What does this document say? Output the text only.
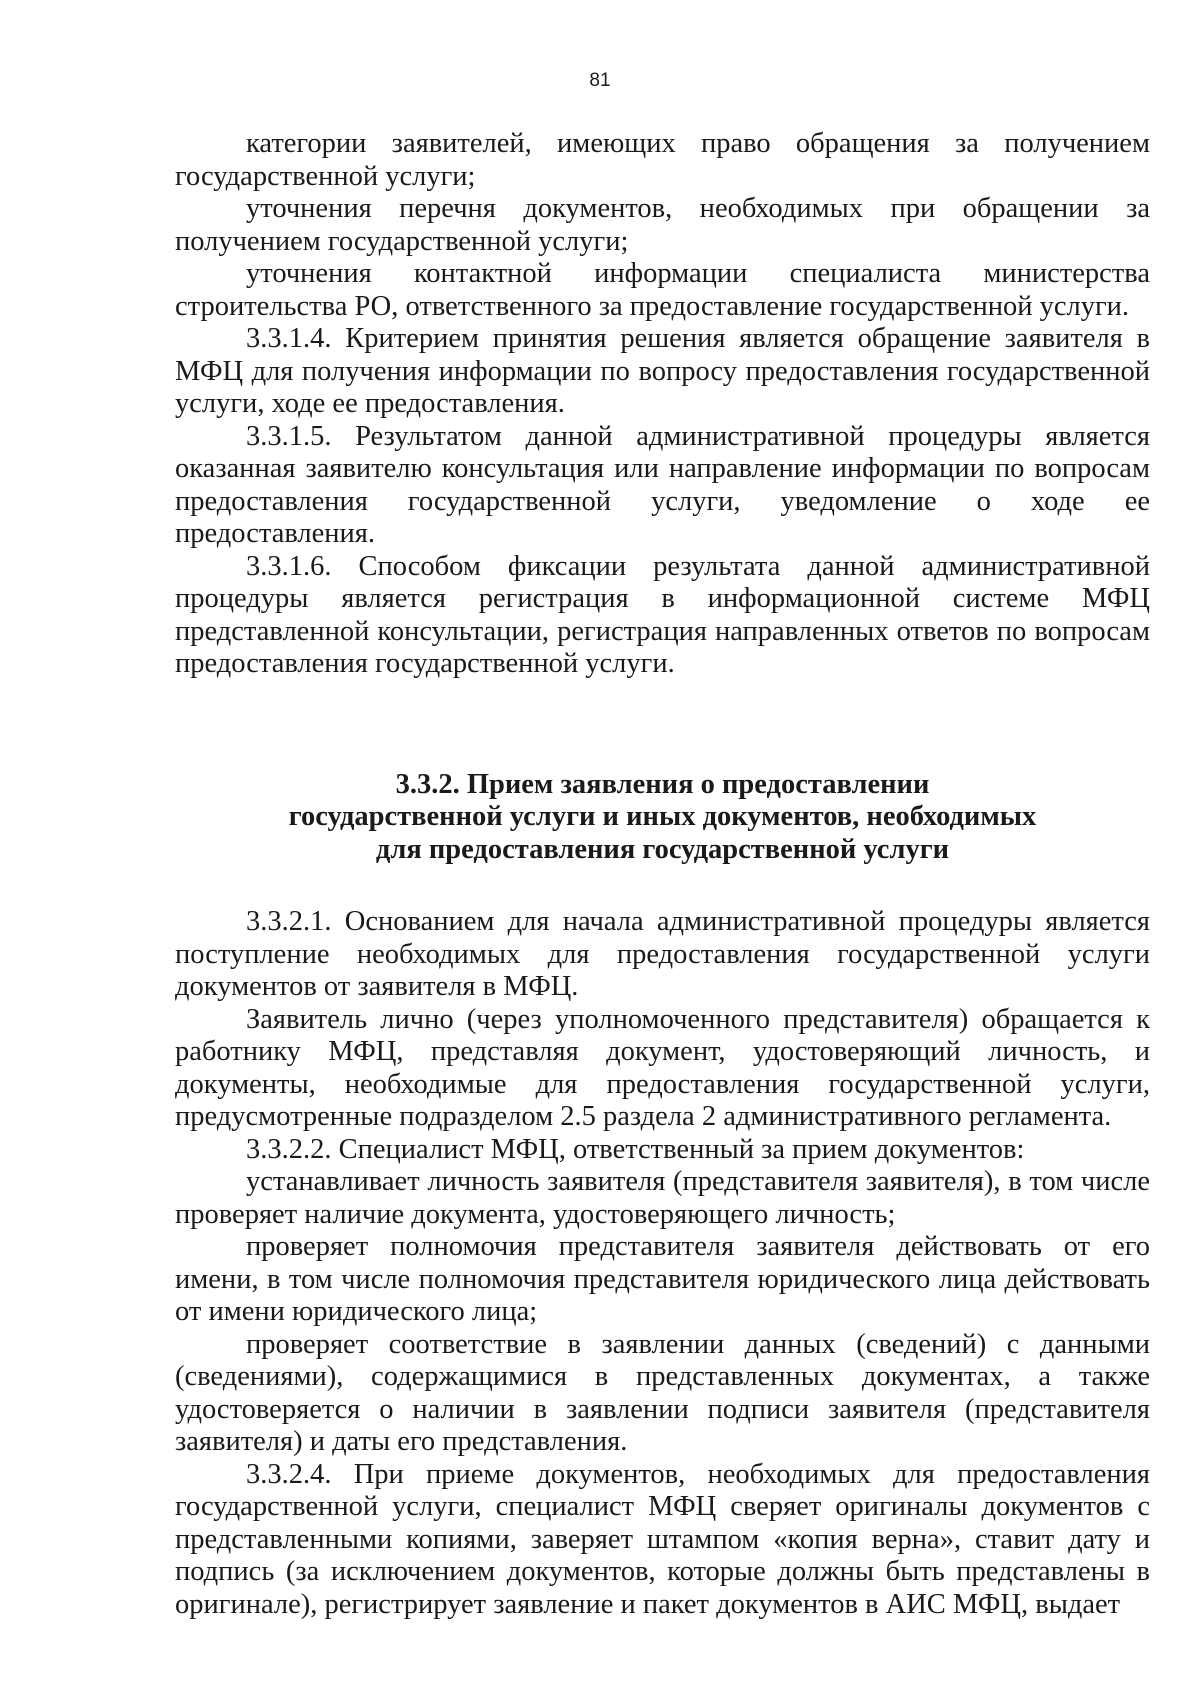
81

категории заявителей, имеющих право обращения за получением государственной услуги;

уточнения перечня документов, необходимых при обращении за получением государственной услуги;

уточнения контактной информации специалиста министерства строительства РО, ответственного за предоставление государственной услуги.

3.3.1.4. Критерием принятия решения является обращение заявителя в МФЦ для получения информации по вопросу предоставления государственной услуги, ходе ее предоставления.

3.3.1.5. Результатом данной административной процедуры является оказанная заявителю консультация или направление информации по вопросам предоставления государственной услуги, уведомление о ходе ее предоставления.

3.3.1.6. Способом фиксации результата данной административной процедуры является регистрация в информационной системе МФЦ представленной консультации, регистрация направленных ответов по вопросам предоставления государственной услуги.

3.3.2. Прием заявления о предоставлении
государственной услуги и иных документов, необходимых
для предоставления государственной услуги

3.3.2.1. Основанием для начала административной процедуры является поступление необходимых для предоставления государственной услуги документов от заявителя в МФЦ.

Заявитель лично (через уполномоченного представителя) обращается к работнику МФЦ, представляя документ, удостоверяющий личность, и документы, необходимые для предоставления государственной услуги, предусмотренные подразделом 2.5 раздела 2 административного регламента.

3.3.2.2. Специалист МФЦ, ответственный за прием документов:

устанавливает личность заявителя (представителя заявителя), в том числе проверяет наличие документа, удостоверяющего личность;

проверяет полномочия представителя заявителя действовать от его имени, в том числе полномочия представителя юридического лица действовать от имени юридического лица;

проверяет соответствие в заявлении данных (сведений) с данными (сведениями), содержащимися в представленных документах, а также удостоверяется о наличии в заявлении подписи заявителя (представителя заявителя) и даты его представления.

3.3.2.4. При приеме документов, необходимых для предоставления государственной услуги, специалист МФЦ сверяет оригиналы документов с представленными копиями, заверяет штампом «копия верна», ставит дату и подпись (за исключением документов, которые должны быть представлены в оригинале), регистрирует заявление и пакет документов в АИС МФЦ, выдает
